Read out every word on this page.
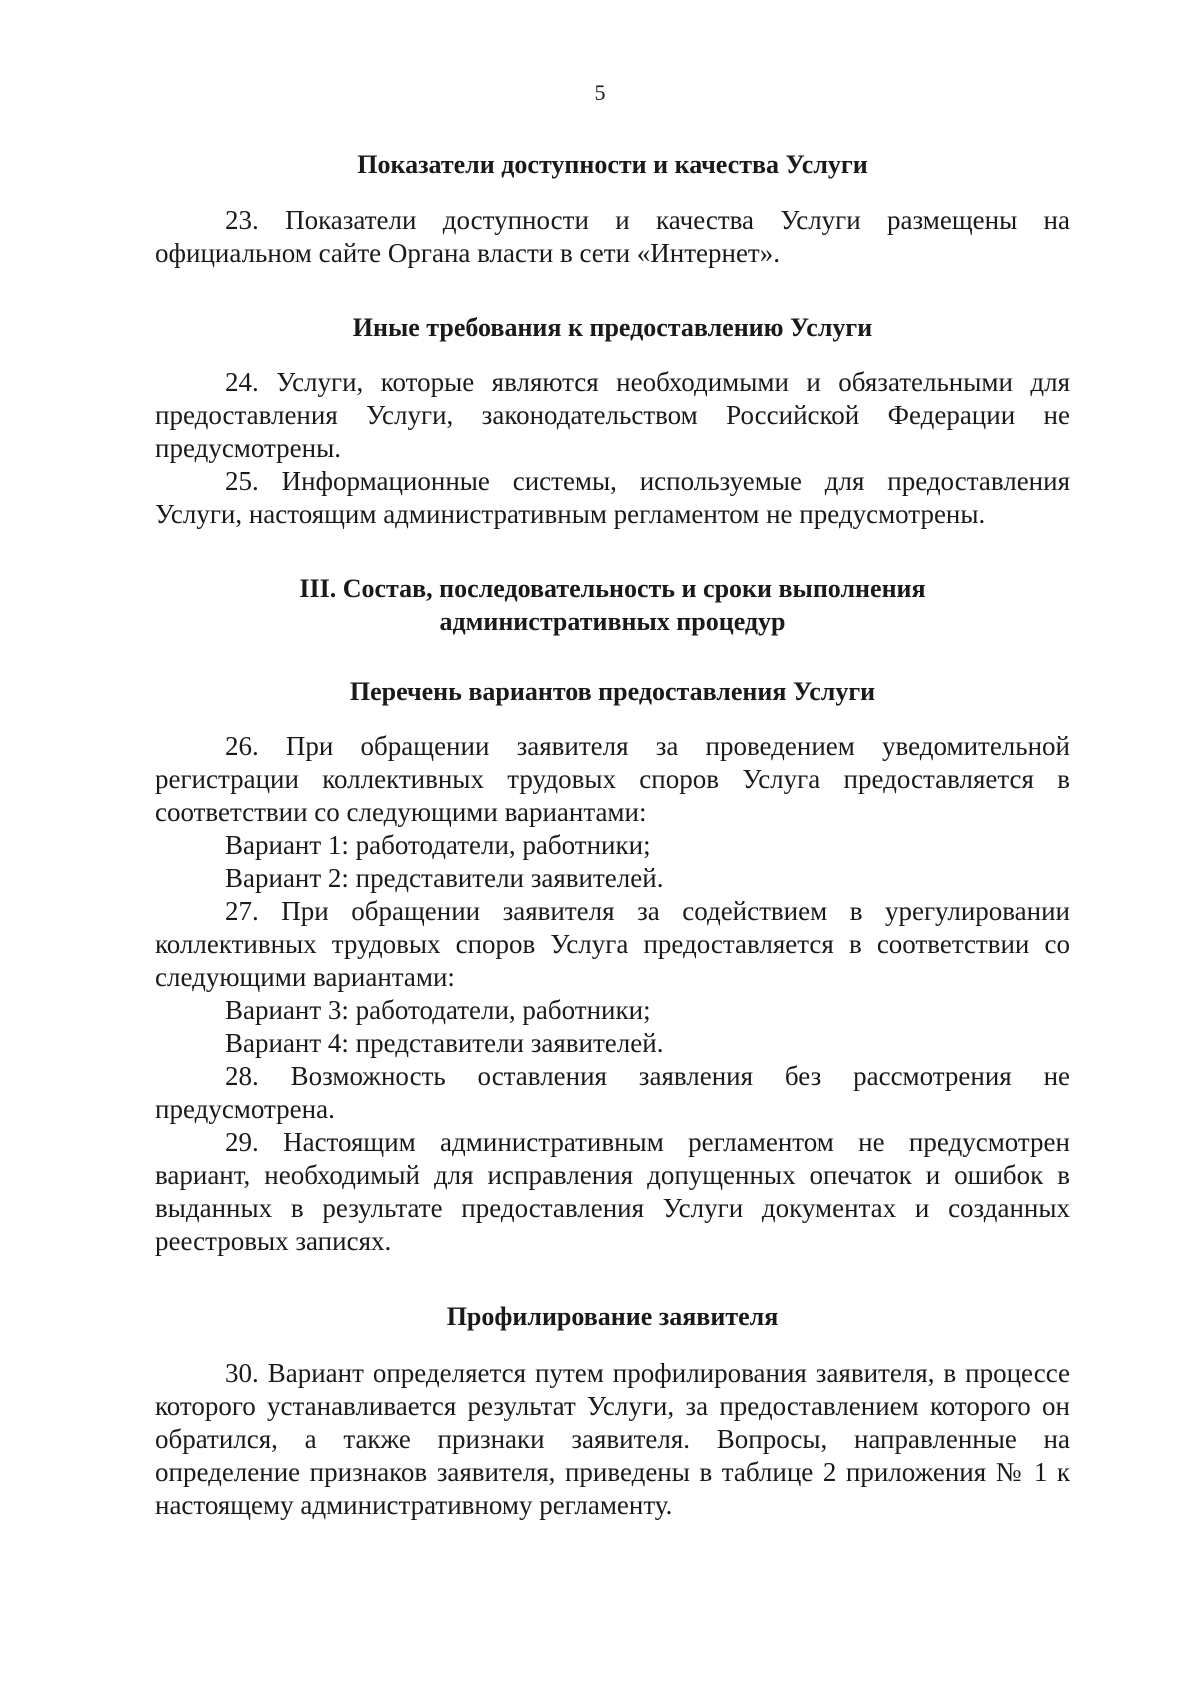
5
Показатели доступности и качества Услуги

23. Показатели доступности и качества Услуги размещены на официальном сайте Органа власти в сети «Интернет».

Иные требования к предоставлению Услуги

24. Услуги, которые являются необходимыми и обязательными для предоставления Услуги, законодательством Российской Федерации не предусмотрены.

25. Информационные системы, используемые для предоставления Услуги, настоящим административным регламентом не предусмотрены.

III. Состав, последовательность и сроки выполнения
административных процедур
Перечень вариантов предоставления Услуги

26. При обращении заявителя за проведением уведомительной регистрации коллективных трудовых споров Услуга предоставляется в соответствии со следующими вариантами:

Вариант 1: работодатели, работники;

Вариант 2: представители заявителей.

27. При обращении заявителя за содействием в урегулировании коллективных трудовых споров Услуга предоставляется в соответствии со следующими вариантами:

Вариант 3: работодатели, работники;

Вариант 4: представители заявителей.

28. Возможность оставления заявления без рассмотрения не предусмотрена.

29. Настоящим административным регламентом не предусмотрен вариант, необходимый для исправления допущенных опечаток и ошибок в выданных в результате предоставления Услуги документах и созданных реестровых записях.

Профилирование заявителя

30. Вариант определяется путем профилирования заявителя, в процессе которого устанавливается результат Услуги, за предоставлением которого он обратился, а также признаки заявителя. Вопросы, направленные на определение признаков заявителя, приведены в таблице 2 приложения № 1 к настоящему административному регламенту.
